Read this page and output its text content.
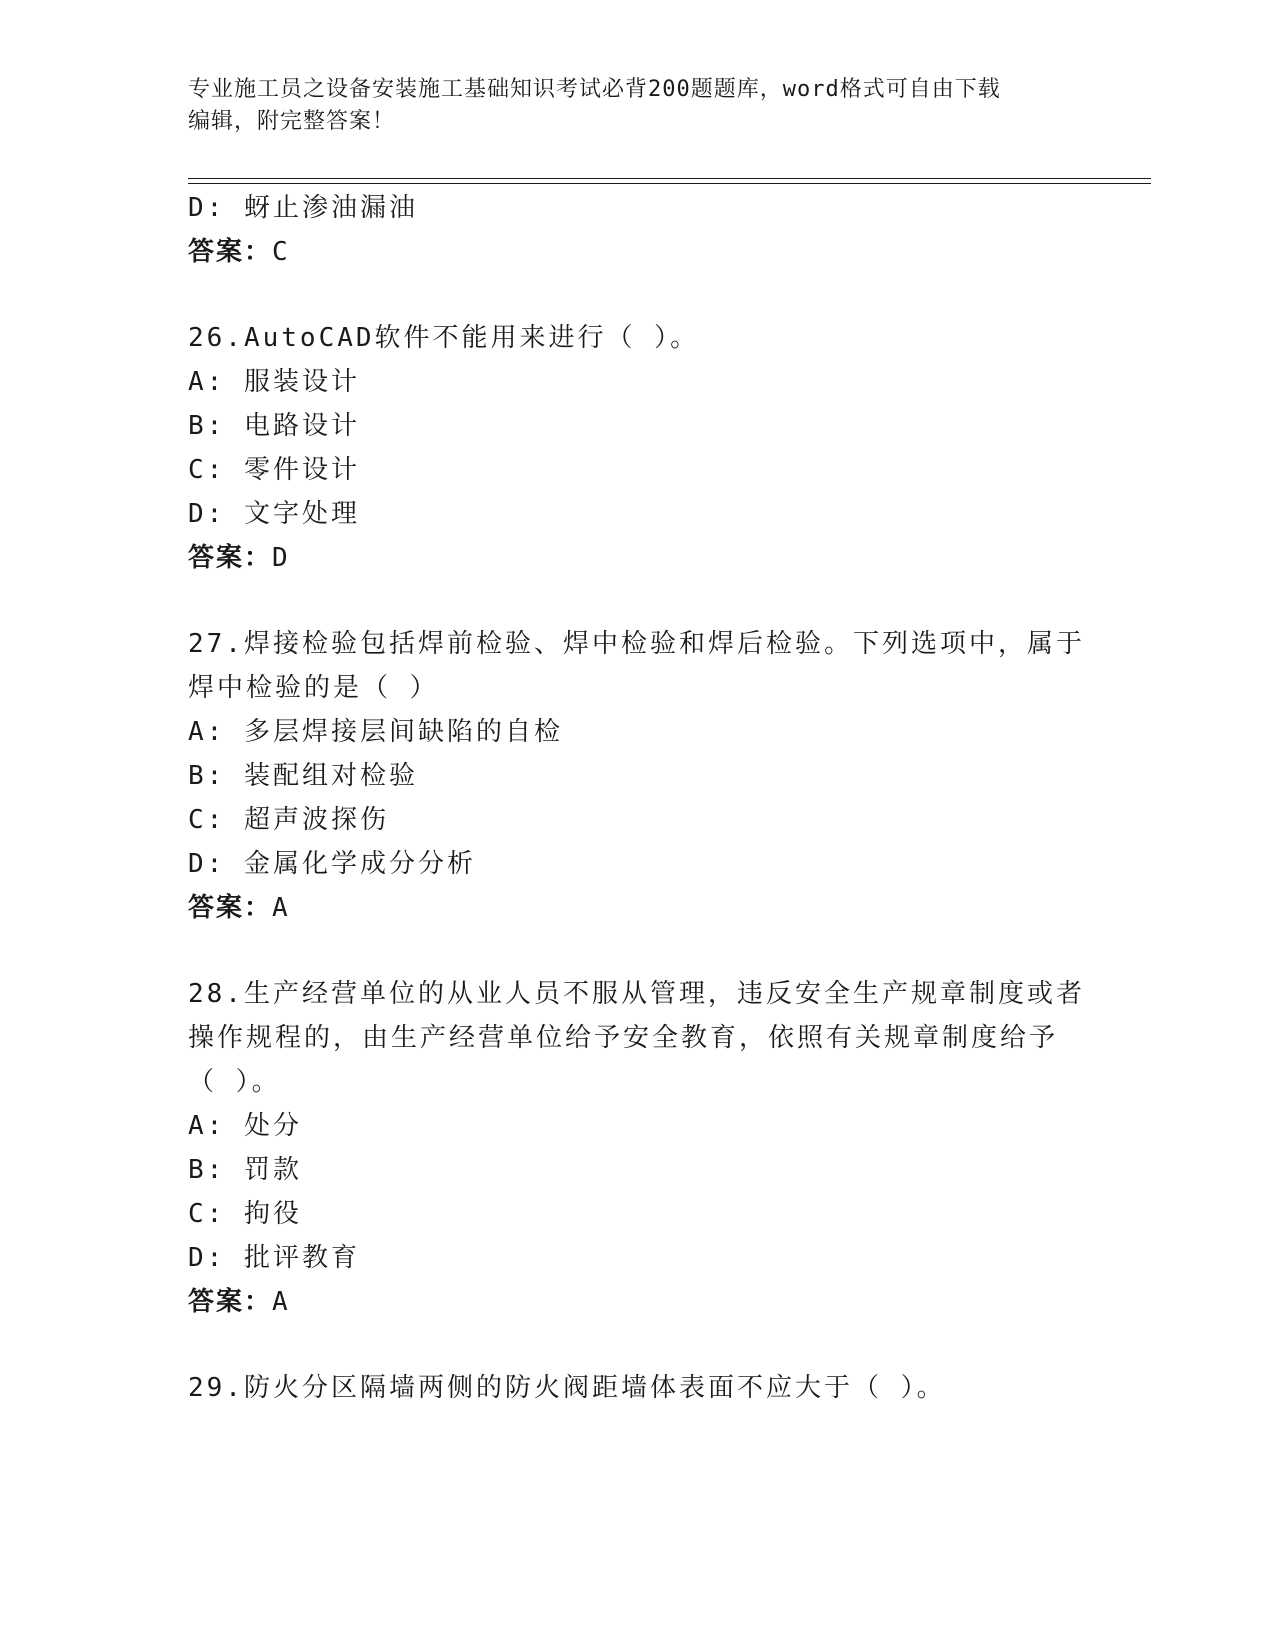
专业施工员之设备安装施工基础知识考试必背200题题库，word格式可自由下载
编辑，附完整答案！
D: 蚜止渗油漏油
答案：C
26.AutoCAD软件不能用来进行（ ）。
A: 服装设计
B: 电路设计
C: 零件设计
D: 文字处理
答案：D
27.焊接检验包括焊前检验、焊中检验和焊后检验。下列选项中，属于
焊中检验的是（ ）
A: 多层焊接层间缺陷的自检
B: 装配组对检验
C: 超声波探伤
D: 金属化学成分分析
答案：A
28.生产经营单位的从业人员不服从管理，违反安全生产规章制度或者
操作规程的，由生产经营单位给予安全教育，依照有关规章制度给予
（ ）。
A: 处分
B: 罚款
C: 拘役
D: 批评教育
答案：A
29.防火分区隔墙两侧的防火阀距墙体表面不应大于（ ）。
